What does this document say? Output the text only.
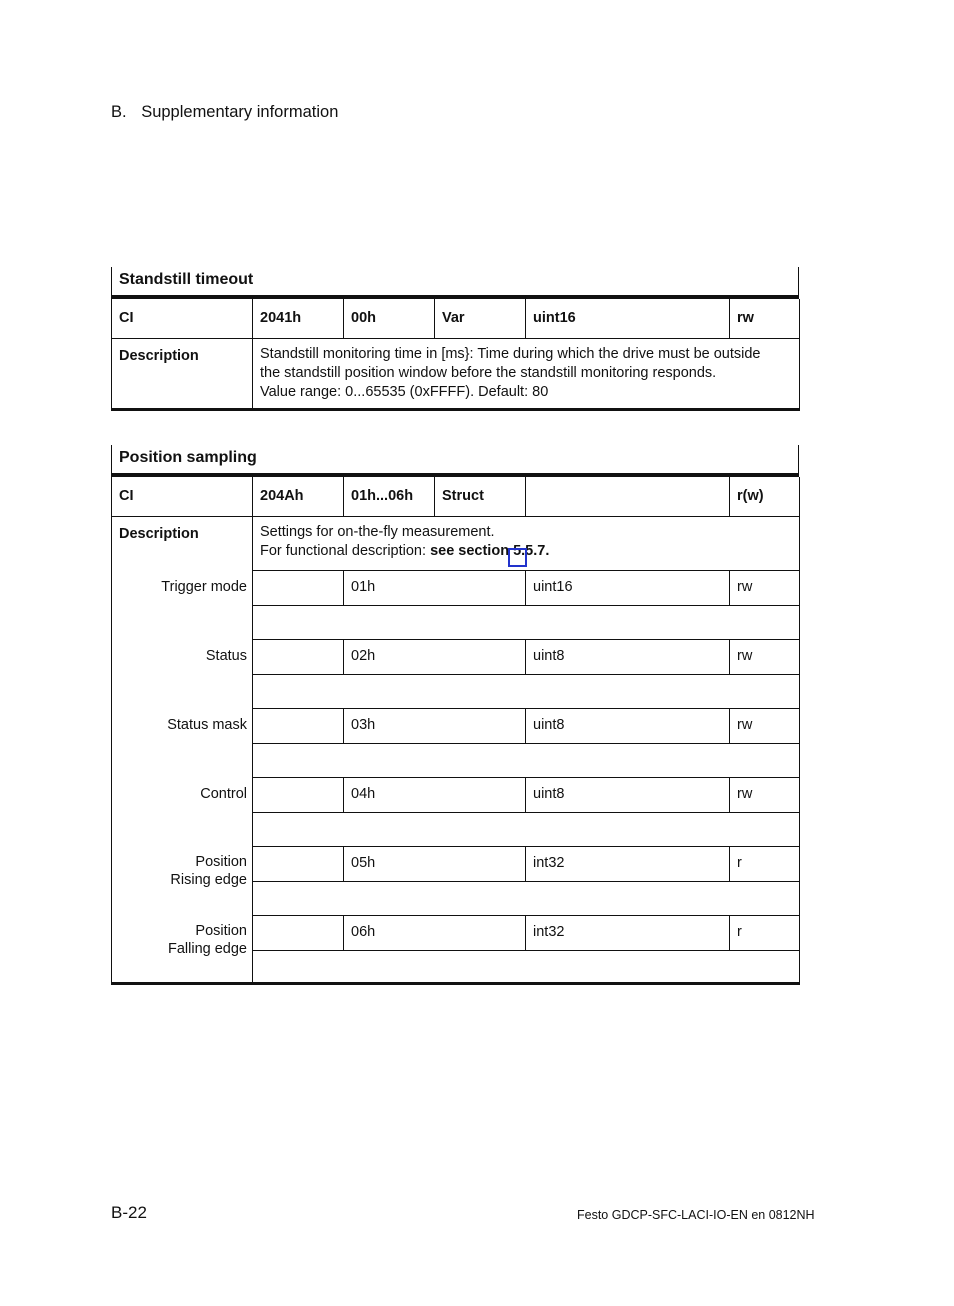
B. Supplementary information
Standstill timeout
CI	2041h	00h	Var	uint16	rw
Description	Standstill monitoring time in [ms}: Time during which the drive must be outside
the standstill position window before the standstill monitoring responds.
Value range: 0...65535 (0xFFFF). Default: 80				
Position sampling
CI	204Ah	01h...06h	Struct		r(w)
Description	Settings for on-the-fly measurement.
For functional description: see section 5.5.7.				

Trigger mode		01h		uint16	rw

Status		02h		uint8	rw

Status mask		03h		uint8	rw

Control		04h		uint8	rw

Position
Rising edge		05h		int32	r

Position
Falling edge		06h		int32	r

B-22	Festo GDCP-SFC-LACI-IO-EN en 0812NH
